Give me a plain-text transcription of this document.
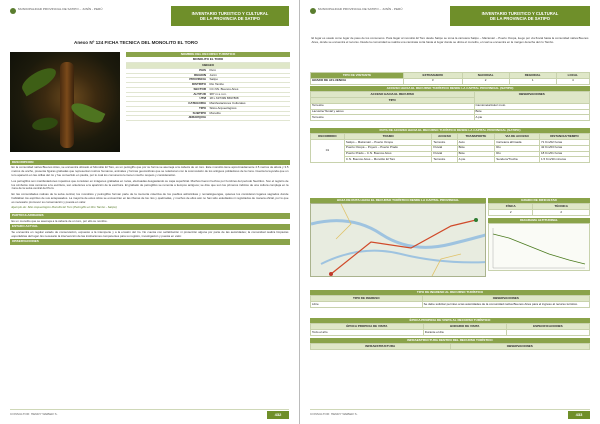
MUNICIPALIDAD PROVINCIAL DE SATIPO – JUNÍN - PERÚ
INVENTARIO TURISTICO Y CULTURAL
DE LA PROVINCIA DE SATIPO
Anexo Nº 124 FICHA TECNICA DEL MONOLITO EL TORO
NOMBRE DEL RECURSO TURISTICO
MONOLITO EL TORO
UBIGEO
PAIS	Perú
REGION	Junín
PROVINCIA	Satipo
DISTRITO	Río Tambo
SECTOR	CC.NN. Buenos Aires
ALTITUD	387 m.s.n.m.
UTM	18 L 637399 8697808
CATEGORIA	Manifestaciones Culturales
TIPO	Sitios Arqueológicos
SUBTIPO	Monolito
JERARQUIA
DESCRIPCION

En la comunidad nativa Buenos Aires, se encuentra ubicado el Monolito El Toro, es un petroglifo que por su forma se asemeja a la cabeza de un toro. Este monolito tiene aproximadamente 4.5 metros de altura y 3.5 metros de ancho, presenta figuras grabadas que representan rostros humanos, animales y formas geométricas que se relacionan con la cosmovisión de los antiguos pobladores de la zona. Cuenta la leyenda que un toro apareció en las orillas del río y fue convertido en piedra, por lo cual los comuneros le tienen mucho respeto y consideración.

Los petroglifos son manifestaciones rupestres que consisten en imágenes grabadas en rocas, efectuadas desgastando su capa superficial. Muchos fueron hechos por hombres del período Neolítico. Son el registro de los símbolos más cercanos a la escritura, son anteriores a la aparición de la escritura. El grabado de petroglifos se remonta a tiempos antiguos; se dice que son los primeros indicios de una cultura compleja en la zona de la selva central del Perú.

En las comunidades nativas de la selva central, los monolitos y petroglifos forman parte de la memoria colectiva de los pueblos asháninkas y nomatsiguengas, quienes los consideran lugares sagrados donde habitaban los espíritus de sus antepasados. La mayoría de estos sitios se encuentran en las riberas de los ríos y quebradas, y muchos de ellos aún no han sido estudiados ni registrados de manera oficial, por lo que es necesario promover su conservación y puesta en valor.

Ejemplo de: Sitio Arqueológico Monolito El Toro (Petroglifo en Río Tambo - Satipo)

PARTICULARIDADES

Es un monolito que se asemeja a la cabeza de un toro, por ello su nombre.

ESTADO ACTUAL

Se encuentra en regular estado de conservación, expuesto a la intemperie y a la erosión del río. No cuenta con señalización ni protección alguna por parte de las autoridades; la comunidad realiza limpiezas esporádicas del lugar. Es necesario la intervención de las instituciones competentes para su registro, investigación y puesta en valor.

OBSERVACIONES
CONSULTOR: HENRY WEBER S.	432
MUNICIPALIDAD PROVINCIAL DE SATIPO – JUNÍN - PERÚ
INVENTARIO TURISTICO Y CULTURAL
DE LA PROVINCIA DE SATIPO

El lugar es usado como lugar de paso de los comuneros. Para llegar al monolito El Toro desde Satipo se toma la carretera Satipo – Mazamari – Puerto Ocopa, luego por vía fluvial hasta la comunidad nativa Buenos Aires, donde se encuentra el recurso. Desde la comunidad se realiza una caminata corta hasta el lugar donde se ubica el monolito, el cual se encuentra en la margen derecha del río Tambo.

TIPO DE VISITANTE	EXTRANJERO	NACIONAL	REGIONAL	LOCAL
GRADO DE AFLUENCIA	3	2	1	4
ACCESO HACIA EL RECURSO TURÍSTICO DESDE LA CAPITAL PROVINCIAL (SATIPO)
ACCESO HACIA EL RECURSO	OBSERVACIONES
TIPO	
Terrestre	Camioneta/Auto/ moto
Lacustre/ fluvial y aéreo	Bote
Terrestre	A pie
RUTA DE ACCESO HACIA EL RECURSO TURÍSTICO DESDE LA CAPITAL PROVINCIAL (SATIPO)
RECORRIDO	TRAMO	ACCESO	TRANSPORTE	VIA DE ACCESO	DISTANCIA/TIEMPO
01	Satipo – Mazamari – Puerto Ocopa	Terrestre	Auto	Carretera afirmada	71 Km/02 horas
	Puerto Ocopa – Poyeni – Puerto Prado	Fluvial	Bote	Río	42 Km/03 horas
	Puerto Prado – C.N. Buenos Aires	Fluvial	Bote	Río	18 Km/01 horas
	C.N. Buenos Aires – Monolito El Toro	Terrestre	A pie	Sendero/Trocha	1.5 Km/30 minutos
HOJA DE RUTA HACIA EL RECURSO TURÍSTICO DESDE LA CAPITAL PROVINCIAL	GRADO DE DIFICULTAD
FÍSICA	TÉCNICA
2	2
DIAGRAMA ALTITUDINAL
TIPO DE INGRESO AL RECURSO TURÍSTICO
TIPO DE INGRESO	OBSERVACIONES
Libre	Se debe solicitar permiso a las autoridades de la comunidad nativa Buenos Aires para el ingreso al recurso turístico.
ÉPOCA PROPICIA DE VISITA AL RECURSO TURÍSTICO
ÉPOCA PROPICIA DE VISITA	HORARIO DE VISITA	ESPECIFICACIONES
Todo el año	Durante el día	
INFRAESTRUCTURA DENTRO DEL RECURSO TURÍSTICO
INFRAESTRUCTURA	OBSERVACIONES
CONSULTOR: HENRY WEBER S.	433
